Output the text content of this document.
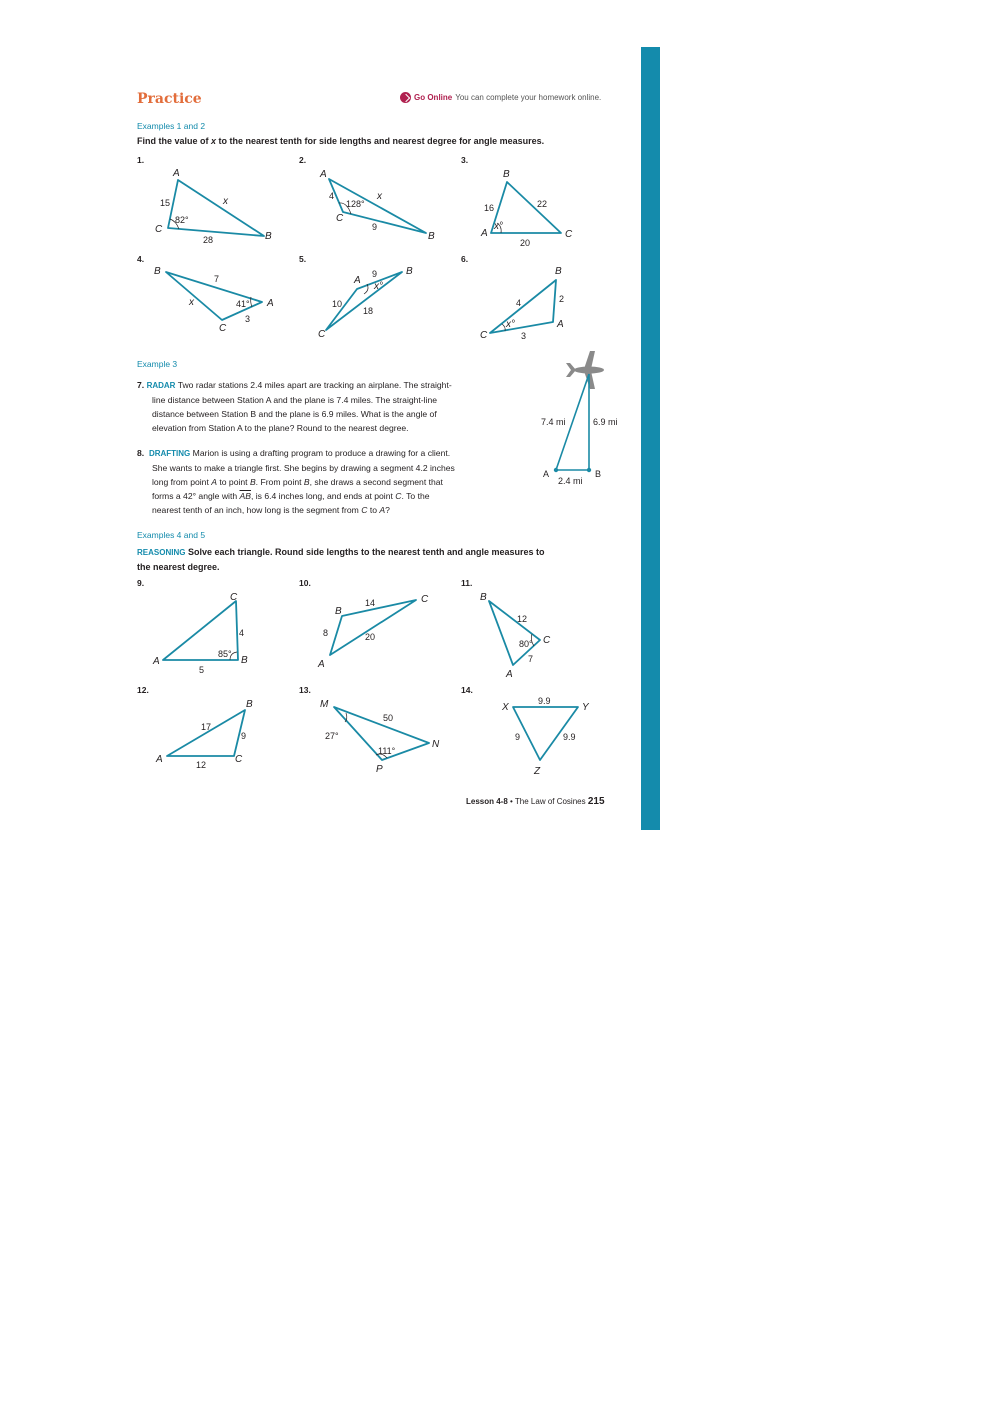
Practice	Go Online You can complete your homework online.
Examples 1 and 2
Find the value of x to the nearest tenth for side lengths and nearest degree for angle measures.
1.	2.	3.
4.	5.	6.
A
C
B
15	x
28
82°
A
C
B
4	x
9
128°
B
A	C
16	22
20
x°
B
C
A
7
x
3
41°
A
B
C
9
10
18
x°
B
A
C
4	2
3
x°
7.4 mi	6.9 mi
2.4 mi
A	B
C
A	B
4
5
85°
B
C
A
14
8	20
B
C
A
12
80°
7
B
A	C
17
9
12
M
N
P
50
27°
111°
X	Y
Z
9.9
9	9.9
Example 3
7. RADAR Two radar stations 2.4 miles apart are tracking an airplane. The straight-
line distance between Station A and the plane is 7.4 miles. The straight-line
distance between Station B and the plane is 6.9 miles. What is the angle of
elevation from Station A to the plane? Round to the nearest degree.
8. DRAFTING Marion is using a drafting program to produce a drawing for a client.
She wants to make a triangle first. She begins by drawing a segment 4.2 inches
long from point A to point B. From point B, she draws a second segment that
forms a 42° angle with $\overline{AB}$, is 6.4 inches long, and ends at point C. To the
nearest tenth of an inch, how long is the segment from C to A?
Examples 4 and 5
REASONING Solve each triangle. Round side lengths to the nearest tenth and angle measures to
the nearest degree.
9.	10.	11.
12.	13.	14.
Lesson 4-8 • The Law of Cosines 215
